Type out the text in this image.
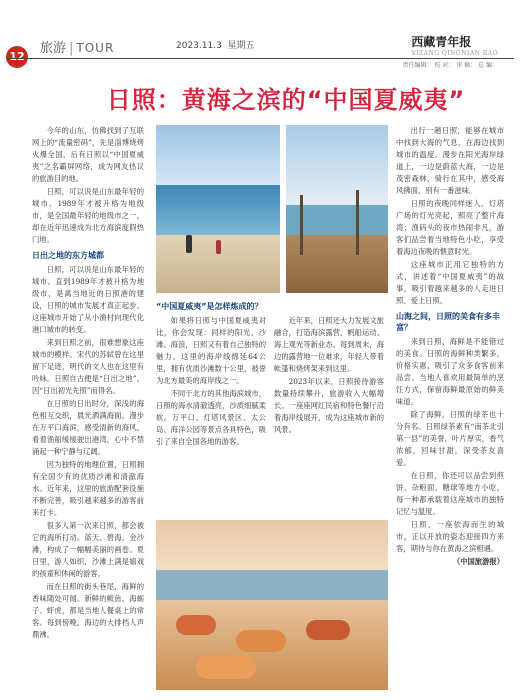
12
旅游 | TOUR	2023.11.3 星期五	西藏青年报
XIZANG QINGNIAN BAO
责任编辑： 校 对： 审 稿： 总 编：
日照：黄海之滨的“中国夏威夷”

今年的山东，仿佛找到了互联网上的“流量密码”，先是淄博烧烤火爆全国，后有日照以“中国夏威夷”之名霸屏网络，成为网友热议的旅游目的地。

日照，可以说是山东最年轻的城市。1989年才被升格为地级市，是全国最年轻的地级市之一，却在近年迅速成为北方海滨度假热门地。

日出之地的东方城都

日照，可以说是山东最年轻的城市。直到1989年才被升格为地级市，是离当地近的日照港的建设，日照的城市发展才真正起步。这座城市开始了从小渔村向现代化港口城市的转变。

来到日照之前，很难想象这座城市的模样。宋代的苏轼曾在这里留下足迹，明代的文人也在这里有吟咏。日照自古便是“日出之地”，因“日出初光先照”而得名。

在日照的日出时分，深浅的海色相互交织，晨光洒满海面。漫步在万平口海滨，感受清新的海风，看着渔船缓缓驶出港湾，心中不禁涌起一种宁静与辽阔。

因为独特的地理位置，日照拥有全国少有的优质沙滩和清澈海水。近年来，这里的旅游配套设施不断完善，吸引越来越多的游客前来打卡。

很多人第一次来日照，都会被它的海所打动。蓝天、碧海、金沙滩，构成了一幅幅美丽的画卷。夏日里，游人如织，沙滩上满是嬉戏的孩童和休闲的游客。

而在日照的街头巷尾，海鲜的香味随处可闻。新鲜的鲅鱼、海蛎子、虾虎，都是当地人餐桌上的常客。每到傍晚，海边的大排档人声鼎沸。

“中国夏威夷”是怎样炼成的？

如果将日照与中国夏威夷对比，你会发现：同样的阳光、沙滩、海浪，日照又有着自己独特的魅力。这里的海岸线绵延64公里，拥有优质沙滩数十公里，被誉为北方最美的海岸线之一。

不同于北方的其他海滨城市，日照的海水清澈透亮，沙质细腻柔软。万平口、灯塔风景区、太公岛、海洋公园等景点各具特色，吸引了来自全国各地的游客。

近年来，日照还大力发展文旅融合，打造海滨露营、帆船运动、海上观光等新业态。每到周末，海边的露营地一位难求，年轻人带着帐篷和烧烤架来到这里。

2023年以来，日照接待游客数量持续攀升，旅游收入大幅增长。一座座网红民宿和特色餐厅沿着海岸线展开，成为这座城市新的风景。

出行一趟日照，能够在城市中找到大海的气息，在海边找到城市的温度。漫步在阳光海岸绿道上，一边是蔚蓝大海，一边是茂密森林，骑行在其中，感受海风拂面，别有一番滋味。

日照的夜晚同样迷人。灯塔广场的灯光亮起，照亮了整片海湾；渔码头的夜市热闹非凡，游客们品尝着当地特色小吃，享受着海边夜晚的惬意时光。

这座城市正用它独特的方式，讲述着“中国夏威夷”的故事，吸引着越来越多的人走进日照、爱上日照。

山海之间，日照的美食有多丰富？

来到日照，海鲜是不能错过的美食。日照的海鲜种类繁多，价格实惠，吸引了众多食客前来品尝。当地人喜欢用最简单的烹饪方式，保留海鲜最原始的鲜美味道。

除了海鲜，日照的绿茶也十分有名。日照绿茶素有“南茶北引第一县”的美誉，叶片厚实，香气浓郁，回味甘甜，深受茶友喜爱。

在日照，你还可以品尝到煎饼、杂粮面、糖球等地方小吃，每一种都承载着这座城市的独特记忆与温度。

日照，一座依海而生的城市，正以开放的姿态迎接四方来客，期待与你在黄海之滨相遇。

（中国旅游报）
